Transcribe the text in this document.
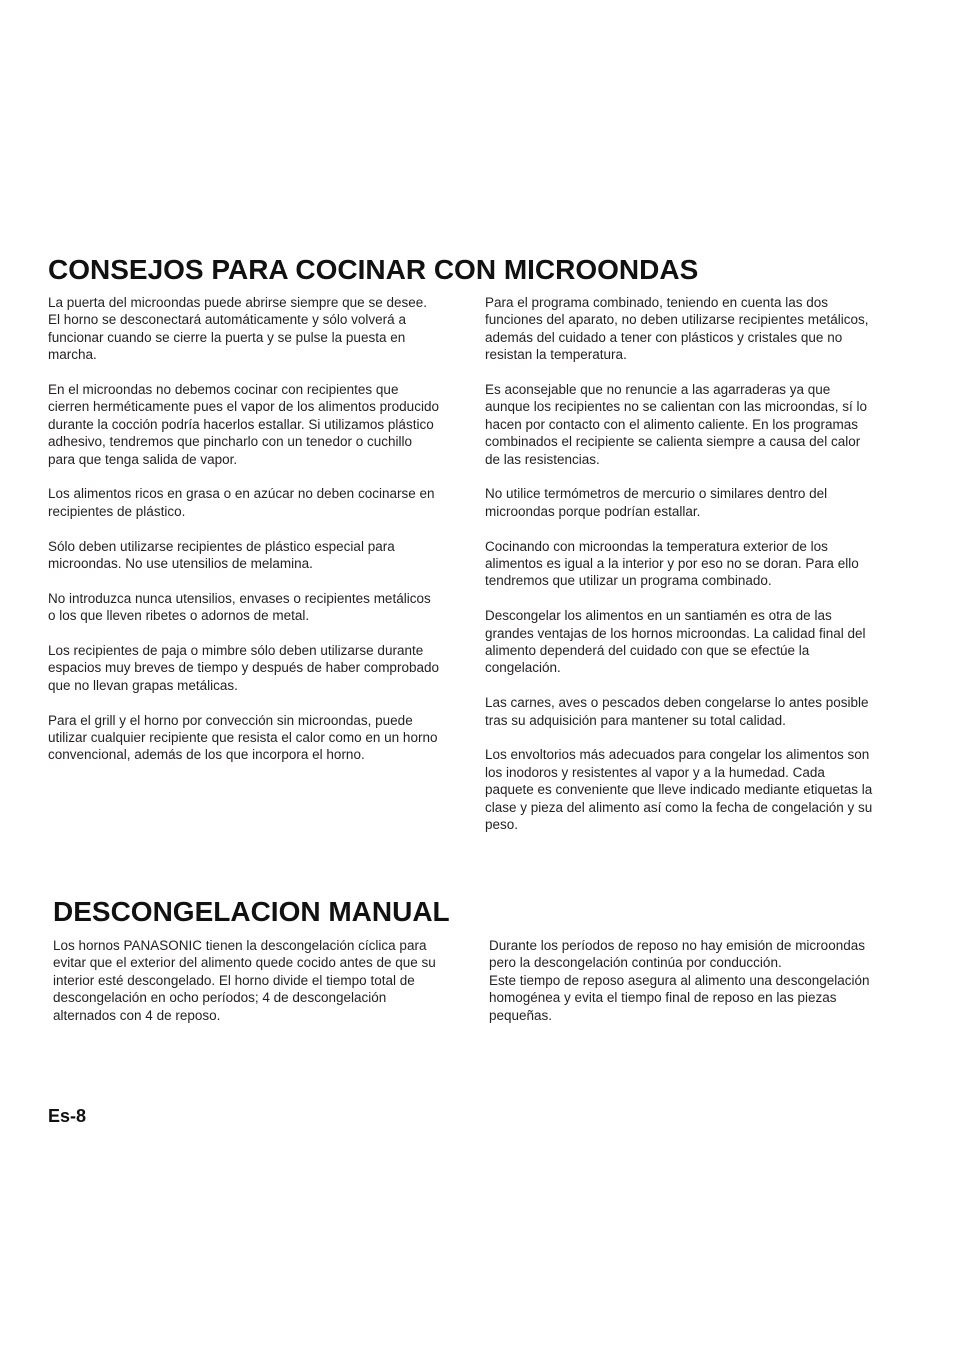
CONSEJOS PARA COCINAR CON MICROONDAS

La puerta del microondas puede abrirse siempre que se desee.
El horno se desconectará automáticamente y sólo volverá a
funcionar cuando se cierre la puerta y se pulse la puesta en
marcha.

En el microondas no debemos cocinar con recipientes que
cierren herméticamente pues el vapor de los alimentos producido
durante la cocción podría hacerlos estallar. Si utilizamos plástico
adhesivo, tendremos que pincharlo con un tenedor o cuchillo
para que tenga salida de vapor.

Los alimentos ricos en grasa o en azúcar no deben cocinarse en
recipientes de plástico.

Sólo deben utilizarse recipientes de plástico especial para
microondas. No use utensilios de melamina.

No introduzca nunca utensilios, envases o recipientes metálicos
o los que lleven ribetes o adornos de metal.

Los recipientes de paja o mimbre sólo deben utilizarse durante
espacios muy breves de tiempo y después de haber comprobado
que no llevan grapas metálicas.

Para el grill y el horno por convección sin microondas, puede
utilizar cualquier recipiente que resista el calor como en un horno
convencional, además de los que incorpora el horno.

Para el programa combinado, teniendo en cuenta las dos
funciones del aparato, no deben utilizarse recipientes metálicos,
además del cuidado a tener con plásticos y cristales que no
resistan la temperatura.

Es aconsejable que no renuncie a las agarraderas ya que
aunque los recipientes no se calientan con las microondas, sí lo
hacen por contacto con el alimento caliente. En los programas
combinados el recipiente se calienta siempre a causa del calor
de las resistencias.

No utilice termómetros de mercurio o similares dentro del
microondas porque podrían estallar.

Cocinando con microondas la temperatura exterior de los
alimentos es igual a la interior y por eso no se doran. Para ello
tendremos que utilizar un programa combinado.

Descongelar los alimentos en un santiamén es otra de las
grandes ventajas de los hornos microondas. La calidad final del
alimento dependerá del cuidado con que se efectúe la
congelación.

Las carnes, aves o pescados deben congelarse lo antes posible
tras su adquisición para mantener su total calidad.

Los envoltorios más adecuados para congelar los alimentos son
los inodoros y resistentes al vapor y a la humedad. Cada
paquete es conveniente que lleve indicado mediante etiquetas la
clase y pieza del alimento así como la fecha de congelación y su
peso.

DESCONGELACION MANUAL

Los hornos PANASONIC tienen la descongelación cíclica para
evitar que el exterior del alimento quede cocido antes de que su
interior esté descongelado. El horno divide el tiempo total de
descongelación en ocho períodos; 4 de descongelación
alternados con 4 de reposo.

Durante los períodos de reposo no hay emisión de microondas
pero la descongelación continúa por conducción.
Este tiempo de reposo asegura al alimento una descongelación
homogénea y evita el tiempo final de reposo en las piezas
pequeñas.

Es-8
